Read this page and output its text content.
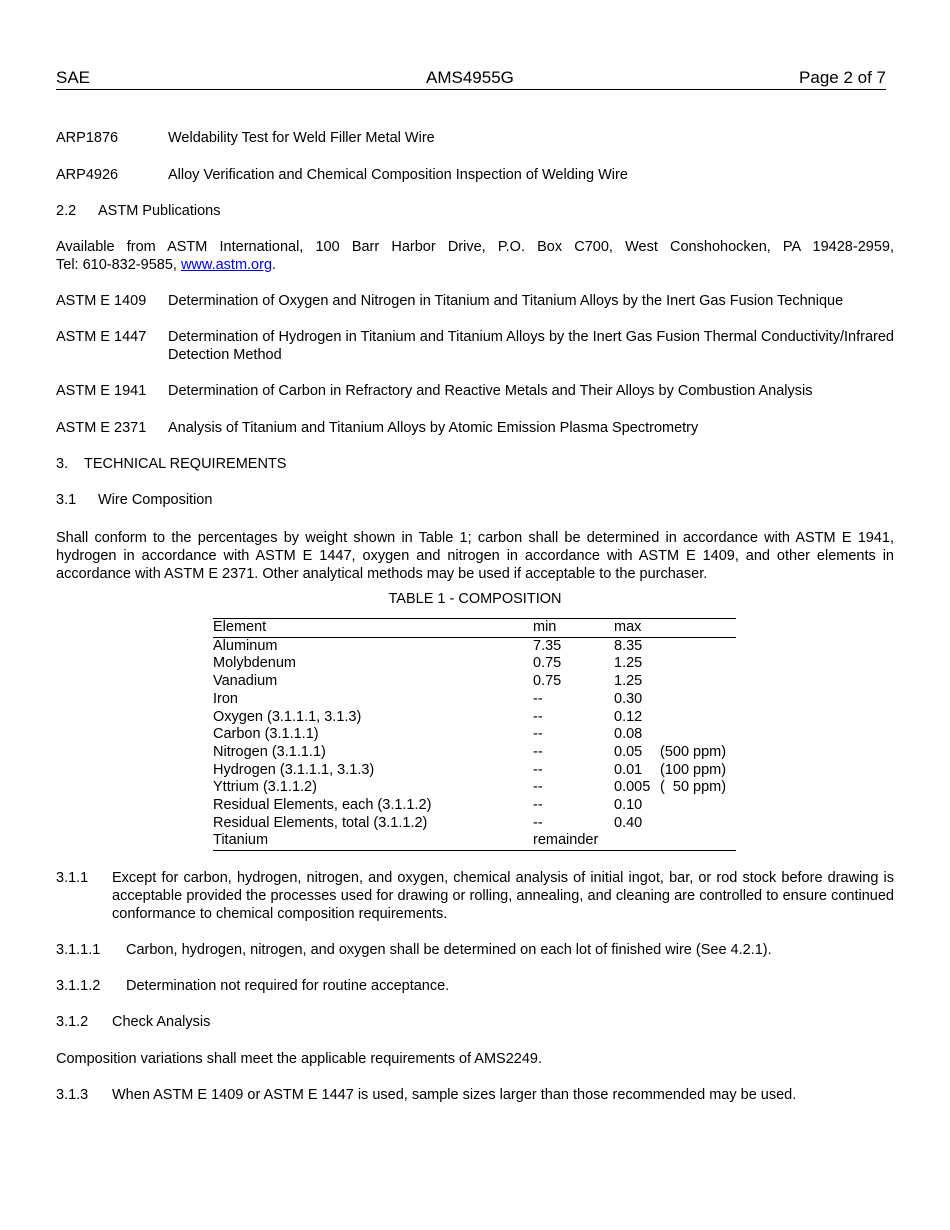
SAE	AMS4955G	Page 2 of 7
ARP1876	Weldability Test for Weld Filler Metal Wire
ARP4926	Alloy Verification and Chemical Composition Inspection of Welding Wire
2.2	ASTM Publications
Available from ASTM International, 100 Barr Harbor Drive, P.O. Box C700, West Conshohocken, PA 19428-2959,
Tel: 610-832-9585, www.astm.org.
ASTM E 1409	Determination of Oxygen and Nitrogen in Titanium and Titanium Alloys by the Inert Gas Fusion Technique
ASTM E 1447	Determination of Hydrogen in Titanium and Titanium Alloys by the Inert Gas Fusion Thermal Conductivity/Infrared Detection Method
ASTM E 1941	Determination of Carbon in Refractory and Reactive Metals and Their Alloys by Combustion Analysis
ASTM E 2371	Analysis of Titanium and Titanium Alloys by Atomic Emission Plasma Spectrometry
3.	TECHNICAL REQUIREMENTS
3.1	Wire Composition
Shall conform to the percentages by weight shown in Table 1; carbon shall be determined in accordance with ASTM E 1941, hydrogen in accordance with ASTM E 1447, oxygen and nitrogen in accordance with ASTM E 1409, and other elements in accordance with ASTM E 2371. Other analytical methods may be used if acceptable to the purchaser.
TABLE 1 - COMPOSITION
Element	min	max	
Aluminum	7.35	8.35	
Molybdenum	0.75	1.25	
Vanadium	0.75	1.25	
Iron	--	0.30	
Oxygen (3.1.1.1, 3.1.3)	--	0.12	
Carbon (3.1.1.1)	--	0.08	
Nitrogen (3.1.1.1)	--	0.05	(500 ppm)
Hydrogen (3.1.1.1, 3.1.3)	--	0.01	(100 ppm)
Yttrium (3.1.1.2)	--	0.005	(  50 ppm)
Residual Elements, each (3.1.1.2)	--	0.10	
Residual Elements, total (3.1.1.2)	--	0.40	
Titanium	remainder		
3.1.1	Except for carbon, hydrogen, nitrogen, and oxygen, chemical analysis of initial ingot, bar, or rod stock before drawing is acceptable provided the processes used for drawing or rolling, annealing, and cleaning are controlled to ensure continued conformance to chemical composition requirements.
3.1.1.1	Carbon, hydrogen, nitrogen, and oxygen shall be determined on each lot of finished wire (See 4.2.1).
3.1.1.2	Determination not required for routine acceptance.
3.1.2	Check Analysis
Composition variations shall meet the applicable requirements of AMS2249.
3.1.3	When ASTM E 1409 or ASTM E 1447 is used, sample sizes larger than those recommended may be used.
